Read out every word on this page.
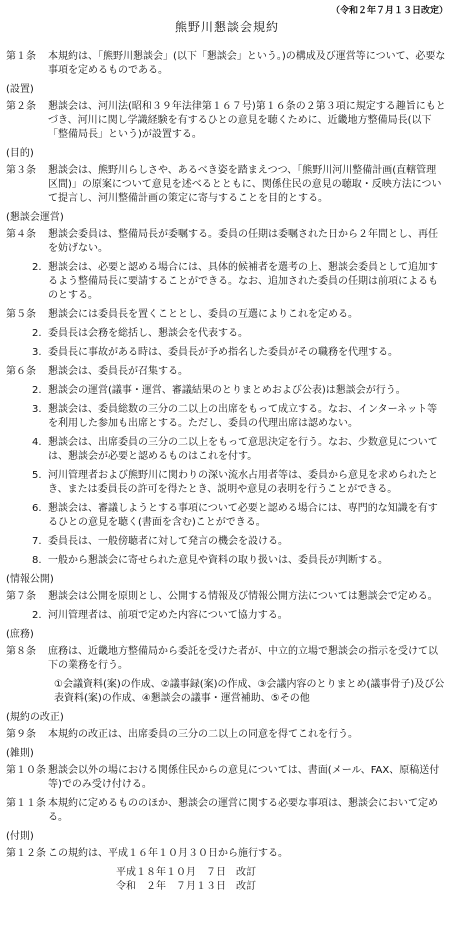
（令和２年７月１３日改定）
熊野川懇談会規約
第１条 本規約は、「熊野川懇談会」(以下「懇談会」という。)の構成及び運営等について、必要な事項を定めるものである。
(設置)
第２条 懇談会は、河川法(昭和３９年法律第１６７号)第１６条の２第３項に規定する趣旨にもとづき、河川に関し学識経験を有するひとの意見を聴くために、近畿地方整備局長(以下「整備局長」という)が設置する。
(目的)
第３条 懇談会は、熊野川らしさや、あるべき姿を踏まえつつ、「熊野川河川整備計画(直轄管理区間)」の原案について意見を述べるとともに、関係住民の意見の聴取・反映方法について提言し、河川整備計画の策定に寄与することを目的とする。
(懇談会運営)
第４条 懇談会委員は、整備局長が委嘱する。委員の任期は委嘱された日から２年間とし、再任を妨げない。
2. 懇談会は、必要と認める場合には、具体的候補者を選考の上、懇談会委員として追加するよう整備局長に要請することができる。なお、追加された委員の任期は前項によるものとする。
第５条 懇談会には委員長を置くこととし、委員の互選によりこれを定める。
2. 委員長は会務を総括し、懇談会を代表する。
3. 委員長に事故がある時は、委員長が予め指名した委員がその職務を代理する。
第６条 懇談会は、委員長が召集する。
2. 懇談会の運営(議事・運営、審議結果のとりまとめおよび公表)は懇談会が行う。
3. 懇談会は、委員総数の三分の二以上の出席をもって成立する。なお、インターネット等を利用した参加も出席とする。ただし、委員の代理出席は認めない。
4. 懇談会は、出席委員の三分の二以上をもって意思決定を行う。なお、少数意見については、懇談会が必要と認めるものはこれを付す。
5. 河川管理者および熊野川に関わりの深い流水占用者等は、委員から意見を求められたとき、または委員長の許可を得たとき、説明や意見の表明を行うことができる。
6. 懇談会は、審議しようとする事項について必要と認める場合には、専門的な知識を有するひとの意見を聴く(書面を含む)ことができる。
7. 委員長は、一般傍聴者に対して発言の機会を設ける。
8. 一般から懇談会に寄せられた意見や資料の取り扱いは、委員長が判断する。
(情報公開)
第７条 懇談会は公開を原則とし、公開する情報及び情報公開方法については懇談会で定める。
2. 河川管理者は、前項で定めた内容について協力する。
(庶務)
第８条 庶務は、近畿地方整備局から委託を受けた者が、中立的立場で懇談会の指示を受けて以下の業務を行う。
①会議資料(案)の作成、②議事録(案)の作成、③会議内容のとりまとめ(議事骨子)及び公表資料(案)の作成、④懇談会の議事・運営補助、⑤その他
(規約の改正)
第９条 本規約の改正は、出席委員の三分の二以上の同意を得てこれを行う。
(雑則)
第１０条 懇談会以外の場における関係住民からの意見については、書面(メール、FAX、原稿送付等)でのみ受け付ける。
第１１条 本規約に定めるもののほか、懇談会の運営に関する必要な事項は、懇談会において定める。
(付則)
第１２条 この規約は、平成１６年１０月３０日から施行する。
平成１８年１０月　７日　改訂
令和　２年　７月１３日　改訂
